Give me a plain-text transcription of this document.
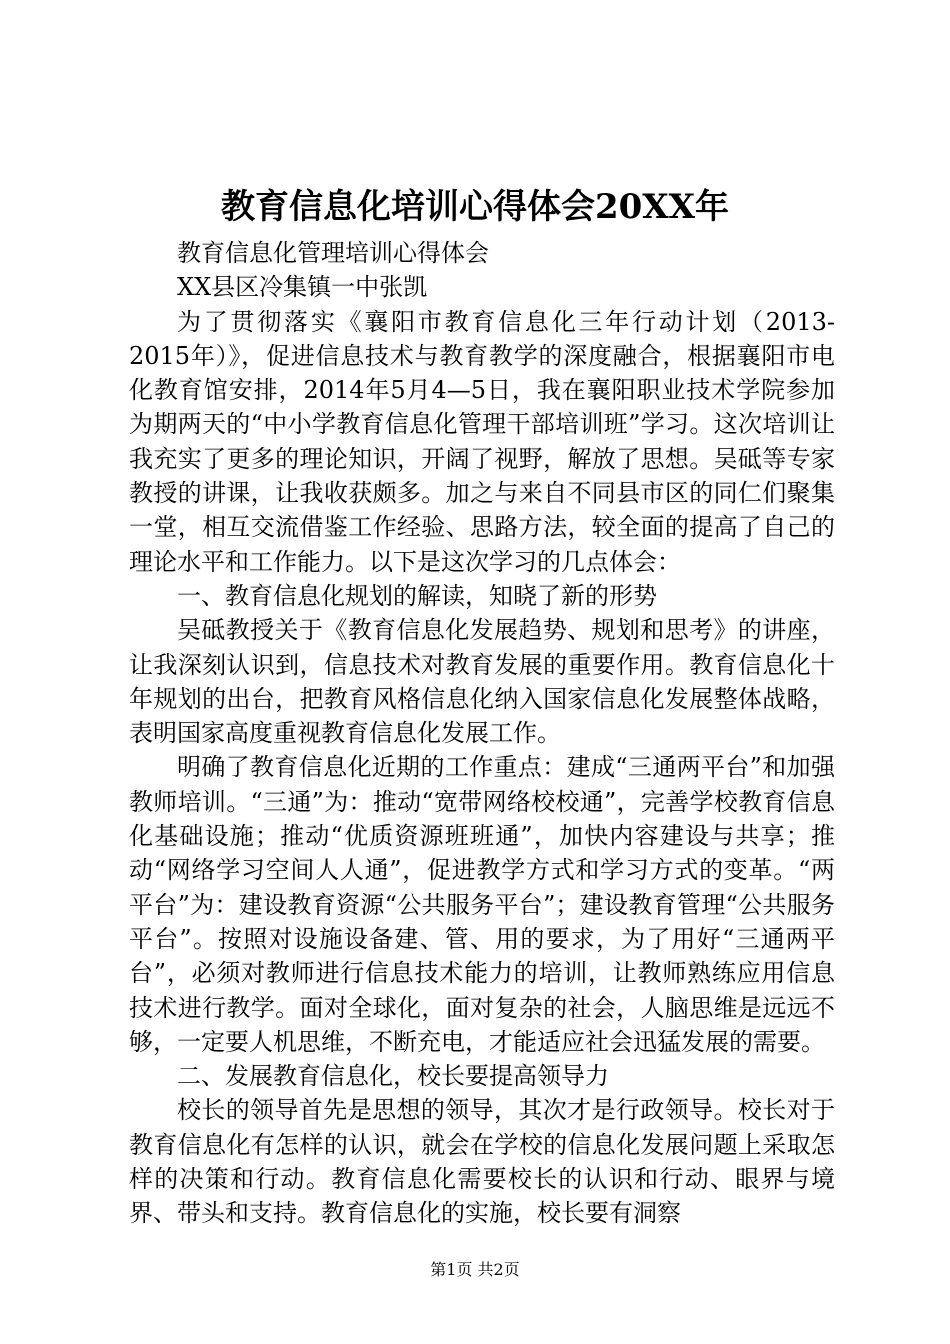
教育信息化培训心得体会20XX年

教育信息化管理培训心得体会

XX县区冷集镇一中张凯

为了贯彻落实《襄阳市教育信息化三年行动计划（2013-2015年）》，促进信息技术与教育教学的深度融合，根据襄阳市电化教育馆安排，2014年5月4—5日，我在襄阳职业技术学院参加为期两天的“中小学教育信息化管理干部培训班”学习。这次培训让我充实了更多的理论知识，开阔了视野，解放了思想。吴砥等专家教授的讲课，让我收获颇多。加之与来自不同县市区的同仁们聚集一堂，相互交流借鉴工作经验、思路方法，较全面的提高了自己的理论水平和工作能力。以下是这次学习的几点体会：

一、教育信息化规划的解读，知晓了新的形势

吴砥教授关于《教育信息化发展趋势、规划和思考》的讲座，让我深刻认识到，信息技术对教育发展的重要作用。教育信息化十年规划的出台，把教育风格信息化纳入国家信息化发展整体战略，表明国家高度重视教育信息化发展工作。

明确了教育信息化近期的工作重点：建成“三通两平台”和加强教师培训。“三通”为：推动“宽带网络校校通”，完善学校教育信息化基础设施；推动“优质资源班班通”，加快内容建设与共享；推动“网络学习空间人人通”，促进教学方式和学习方式的变革。“两平台”为：建设教育资源“公共服务平台”；建设教育管理“公共服务平台”。按照对设施设备建、管、用的要求，为了用好“三通两平台”，必须对教师进行信息技术能力的培训，让教师熟练应用信息技术进行教学。面对全球化，面对复杂的社会，人脑思维是远远不够，一定要人机思维，不断充电，才能适应社会迅猛发展的需要。

二、发展教育信息化，校长要提高领导力

校长的领导首先是思想的领导，其次才是行政领导。校长对于教育信息化有怎样的认识，就会在学校的信息化发展问题上采取怎样的决策和行动。教育信息化需要校长的认识和行动、眼界与境界、带头和支持。教育信息化的实施，校长要有洞察

第1页 共2页
